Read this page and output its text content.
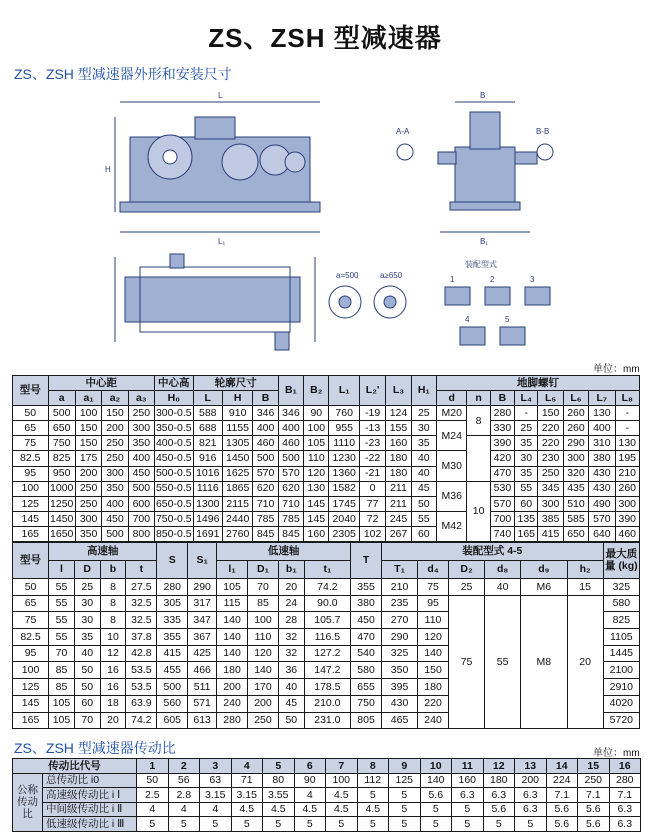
ZS、ZSH 型减速器
ZS、ZSH 型减速器外形和安装尺寸
L
L₁
H
B
B₁
A-A	B-B
a=500	a≥650
装配型式
1	2	3
4	5
单位：mm
型号	中心距				中心高	轮廓尺寸			B₁	B₂	L₁	L₂'	L₃	H₁	地脚螺钉							
	a	a₁	a₂	a₃	H₀	L	H	B							d	n	B	L₄	L₅	L₆	L₇	L₈
50	500	100	150	250	300-0.5	588	910	346	346	90	760	-19	124	25	M20	8	280	-	150	260	130	-
65	650	150	200	300	350-0.5	688	1155	400	400	100	955	-13	155	30	M24		330	25	220	260	400	-
75	750	150	250	350	400-0.5	821	1305	460	460	105	1110	-23	160	35			390	35	220	290	310	130
82.5	825	175	250	400	450-0.5	916	1450	500	500	110	1230	-22	180	40	M30		420	30	230	300	380	195
95	950	200	300	450	500-0.5	1016	1625	570	570	120	1360	-21	180	40			470	35	250	320	430	210
100	1000	250	350	500	550-0.5	1116	1865	620	620	130	1582	0	211	45	M36	10	530	55	345	435	430	260
125	1250	250	400	600	650-0.5	1300	2115	710	710	145	1745	77	211	50			570	60	300	510	490	300
145	1450	300	450	700	750-0.5	1496	2440	785	785	145	2040	72	245	55	M42		700	135	385	585	570	390
165	1650	350	500	800	850-0.5	1691	2760	845	845	160	2305	102	267	60			740	165	415	650	640	460
型号	高速轴				S	S₁	低速轴				T	装配型式 4-5						最大质量 (kg)
	l	D	b	t			l₁	D₁	b₁	t₁		T₁	d₄	D₂	d₈	d₉	h₂	
50	55	25	8	27.5	280	290	105	70	20	74.2	355	210	75	25	40	M6	15	325
65	55	30	8	32.5	305	317	115	85	24	90.0	380	235	95	75	55	M8	20	580
75	55	30	8	32.5	335	347	140	100	28	105.7	450	270	110					825
82.5	55	35	10	37.8	355	367	140	110	32	116.5	470	290	120					1105
95	70	40	12	42.8	415	425	140	120	32	127.2	540	325	140					1445
100	85	50	16	53.5	455	466	180	140	36	147.2	580	350	150					2100
125	85	50	16	53.5	500	511	200	170	40	178.5	655	395	180					2910
145	105	60	18	63.9	560	571	240	200	45	210.0	750	430	220					4020
165	105	70	20	74.2	605	613	280	250	50	231.0	805	465	240					5720
ZS、ZSH 型减速器传动比	单位：mm
传动比代号		1	2	3	4	5	6	7	8	9	10	11	12	13	14	15	16
公称传动比	总传动比 i0	50	56	63	71	80	90	100	112	125	140	160	180	200	224	250	280
	高速级传动比 i Ⅰ	2.5	2.8	3.15	3.15	3.55	4	4.5	5	5	5.6	6.3	6.3	6.3	7.1	7.1	7.1
	中间级传动比 i Ⅱ	4	4	4	4.5	4.5	4.5	4.5	4.5	5	5	5	5.6	6.3	5.6	5.6	6.3
	低速级传动比 i Ⅲ	5	5	5	5	5	5	5	5	5	5	5	5	5	5.6	5.6	6.3
